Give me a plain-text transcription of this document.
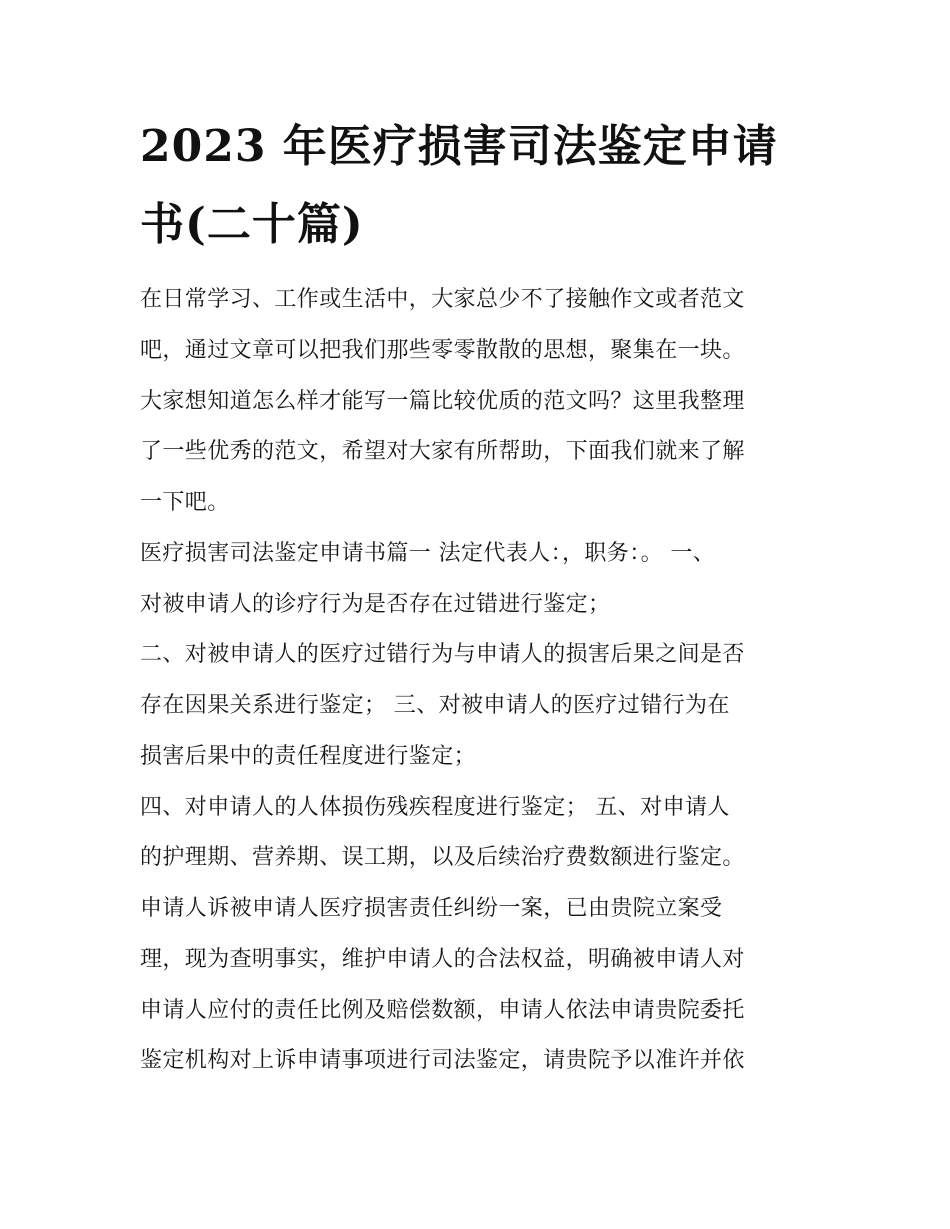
2023 年医疗损害司法鉴定申请
书(二十篇)

在日常学习、工作或生活中，大家总少不了接触作文或者范文

吧，通过文章可以把我们那些零零散散的思想，聚集在一块。

大家想知道怎么样才能写一篇比较优质的范文吗？这里我整理

了一些优秀的范文，希望对大家有所帮助，下面我们就来了解

一下吧。

医疗损害司法鉴定申请书篇一 法定代表人：，职务：。 一、

对被申请人的诊疗行为是否存在过错进行鉴定；

二、对被申请人的医疗过错行为与申请人的损害后果之间是否

存在因果关系进行鉴定； 三、对被申请人的医疗过错行为在

损害后果中的责任程度进行鉴定；

四、对申请人的人体损伤残疾程度进行鉴定； 五、对申请人

的护理期、营养期、误工期，以及后续治疗费数额进行鉴定。

申请人诉被申请人医疗损害责任纠纷一案，已由贵院立案受

理，现为查明事实，维护申请人的合法权益，明确被申请人对

申请人应付的责任比例及赔偿数额，申请人依法申请贵院委托

鉴定机构对上诉申请事项进行司法鉴定，请贵院予以准许并依
